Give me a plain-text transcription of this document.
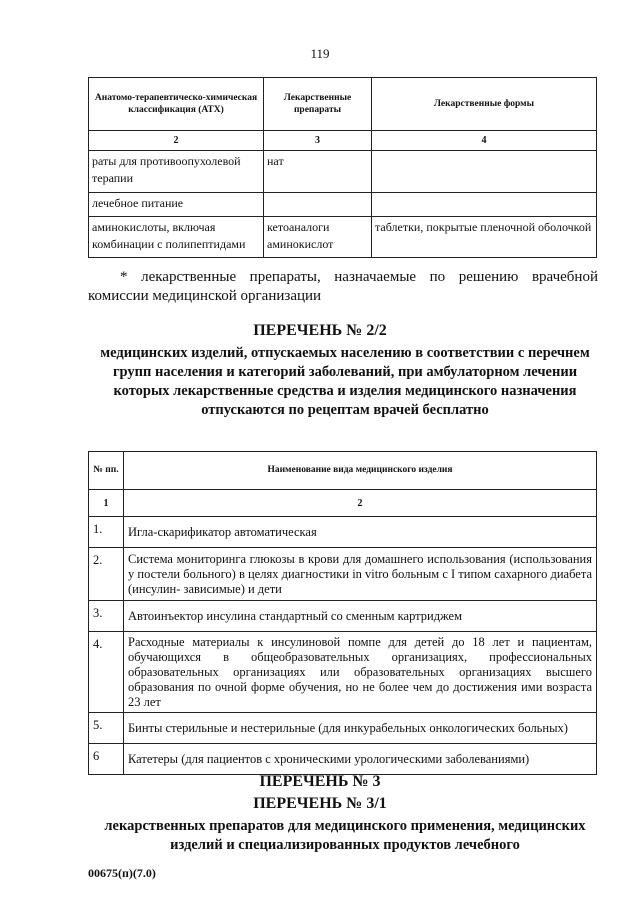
119
Анатомо-терапевтическо-химическая классификация (АТХ)	Лекарственные препараты	Лекарственные формы
2	3	4
раты для противоопухолевой терапии	нат	
лечебное питание		
аминокислоты, включая комбинации с полипептидами	кетоаналоги аминокислот	таблетки, покрытые пленочной оболочкой
* лекарственные препараты, назначаемые по решению врачебной комиссии медицинской организации
ПЕРЕЧЕНЬ № 2/2
медицинских изделий, отпускаемых населению в соответствии с перечнем групп населения и категорий заболеваний, при амбулаторном лечении которых лекарственные средства и изделия медицинского назначения отпускаются по рецептам врачей бесплатно
№ пп.	Наименование вида медицинского изделия
1	2
1.	Игла-скарификатор автоматическая
2.	Система мониторинга глюкозы в крови для домашнего использования (использования у постели больного) в целях диагностики in vitro больным с I типом сахарного диабета (инсулин- зависимые) и дети
3.	Автоинъектор инсулина стандартный со сменным картриджем
4.	Расходные материалы к инсулиновой помпе для детей до 18 лет и пациентам, обучающихся в общеобразовательных организациях, профессиональных образовательных организациях или образовательных организациях высшего образования по очной форме обучения, но не более чем до достижения ими возраста 23 лет
5.	Бинты стерильные и нестерильные (для инкурабельных онкологических больных)
6	Катетеры (для пациентов с хроническими урологическими заболеваниями)
ПЕРЕЧЕНЬ № 3
ПЕРЕЧЕНЬ № 3/1
лекарственных препаратов для медицинского применения, медицинских изделий и специализированных продуктов лечебного
00675(п)(7.0)
